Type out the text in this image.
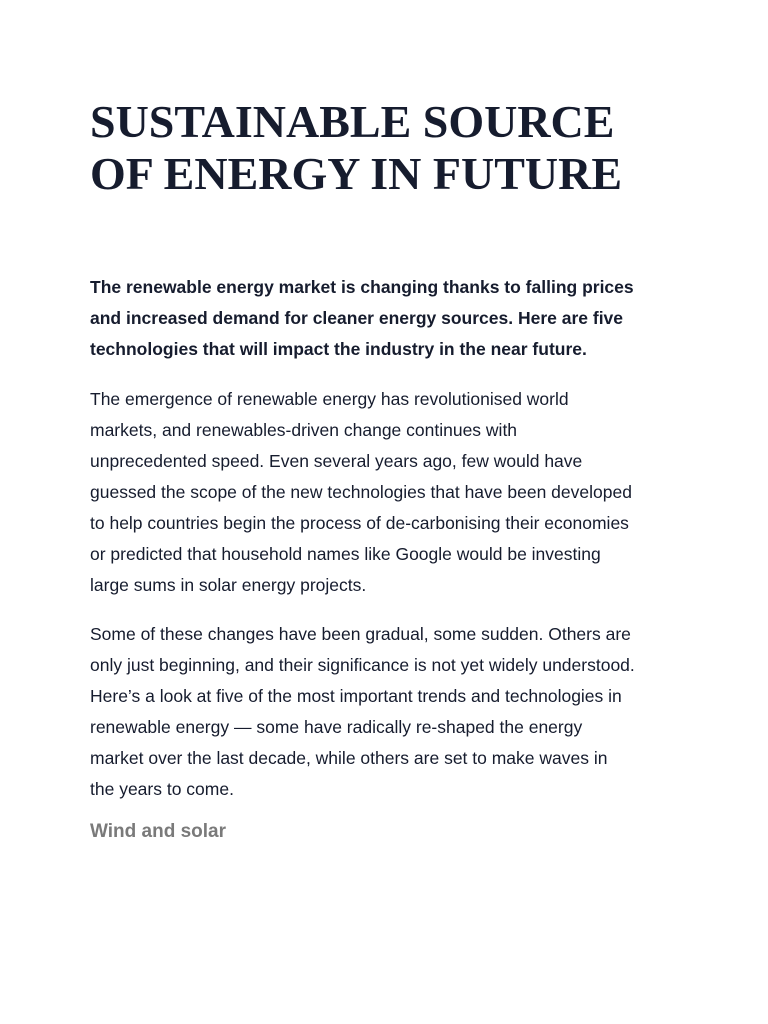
SUSTAINABLE SOURCE
OF ENERGY IN FUTURE

The renewable energy market is changing thanks to falling prices
and increased demand for cleaner energy sources. Here are five
technologies that will impact the industry in the near future.

The emergence of renewable energy has revolutionised world
markets, and renewables-driven change continues with
unprecedented speed. Even several years ago, few would have
guessed the scope of the new technologies that have been developed
to help countries begin the process of de-carbonising their economies
or predicted that household names like Google would be investing
large sums in solar energy projects.

Some of these changes have been gradual, some sudden. Others are
only just beginning, and their significance is not yet widely understood.
Here’s a look at five of the most important trends and technologies in
renewable energy — some have radically re-shaped the energy
market over the last decade, while others are set to make waves in
the years to come.

Wind and solar
